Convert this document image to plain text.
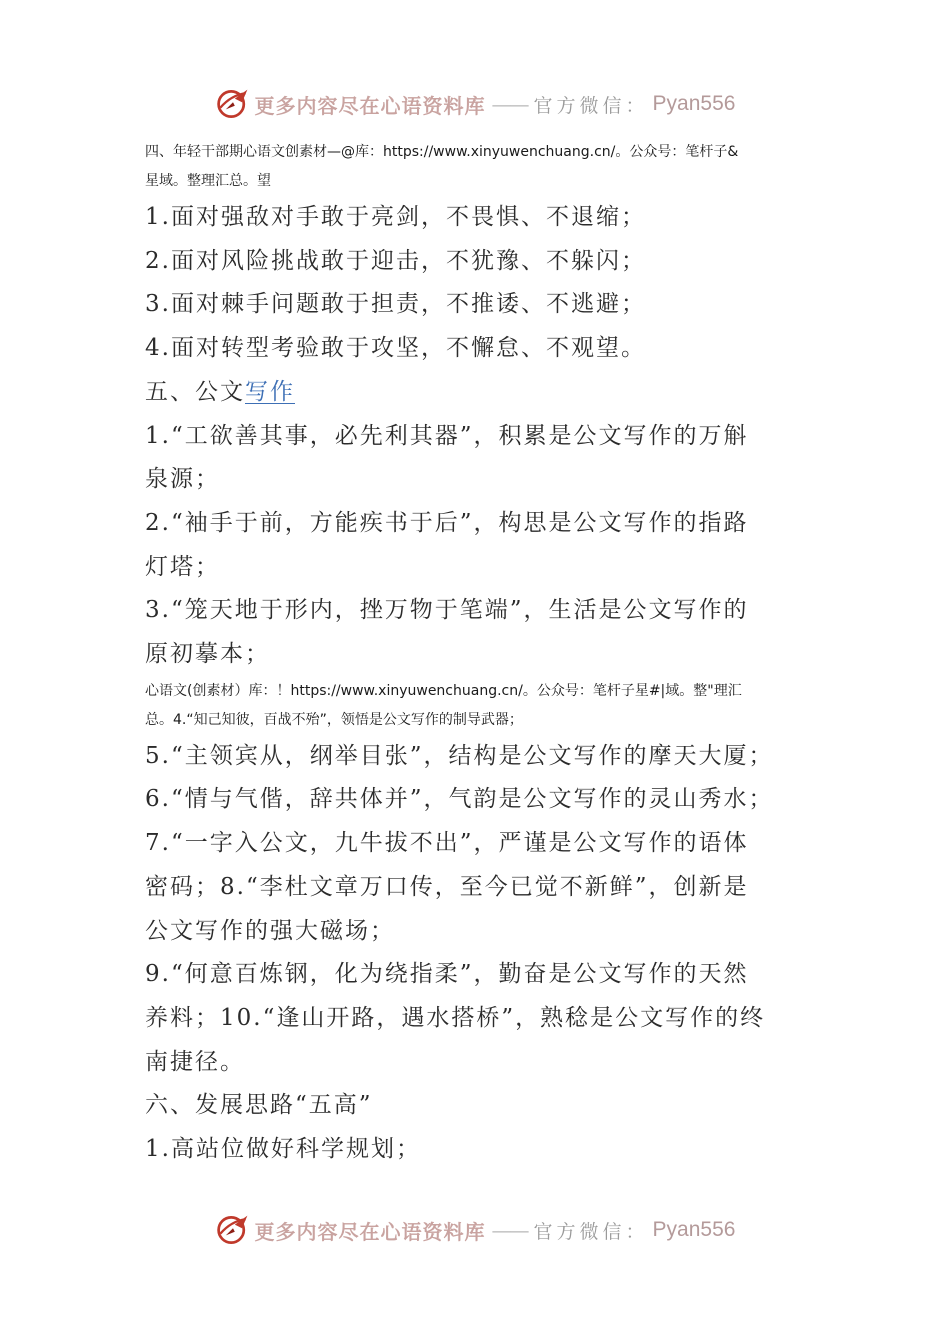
更多内容尽在心语资料库 —— 官方微信： Pyan556

四、年轻干部期心语文创素材—@库：https://www.xinyuwenchuang.cn/。公众号：笔杆子&

星域。整理汇总。望

1.面对强敌对手敢于亮剑，不畏惧、不退缩；

2.面对风险挑战敢于迎击，不犹豫、不躲闪；

3.面对棘手问题敢于担责，不推诿、不逃避；

4.面对转型考验敢于攻坚，不懈怠、不观望。

五、公文写作

1.“工欲善其事，必先利其器”，积累是公文写作的万斛

泉源；

2.“袖手于前，方能疾书于后”，构思是公文写作的指路

灯塔；

3.“笼天地于形内，挫万物于笔端”，生活是公文写作的

原初摹本；

心语文(创素材）库：！https://www.xinyuwenchuang.cn/。公众号：笔杆子星#|域。整"理汇

总。4.“知己知彼，百战不殆”，领悟是公文写作的制导武器；

5.“主领宾从，纲举目张”，结构是公文写作的摩天大厦；

6.“情与气偕，辞共体并”，气韵是公文写作的灵山秀水；

7.“一字入公文，九牛拔不出”，严谨是公文写作的语体

密码；8.“李杜文章万口传，至今已觉不新鲜”，创新是

公文写作的强大磁场；

9.“何意百炼钢，化为绕指柔”，勤奋是公文写作的天然

养料；10.“逢山开路，遇水搭桥”，熟稔是公文写作的终

南捷径。

六、发展思路“五高”

1.高站位做好科学规划；

更多内容尽在心语资料库 —— 官方微信： Pyan556
